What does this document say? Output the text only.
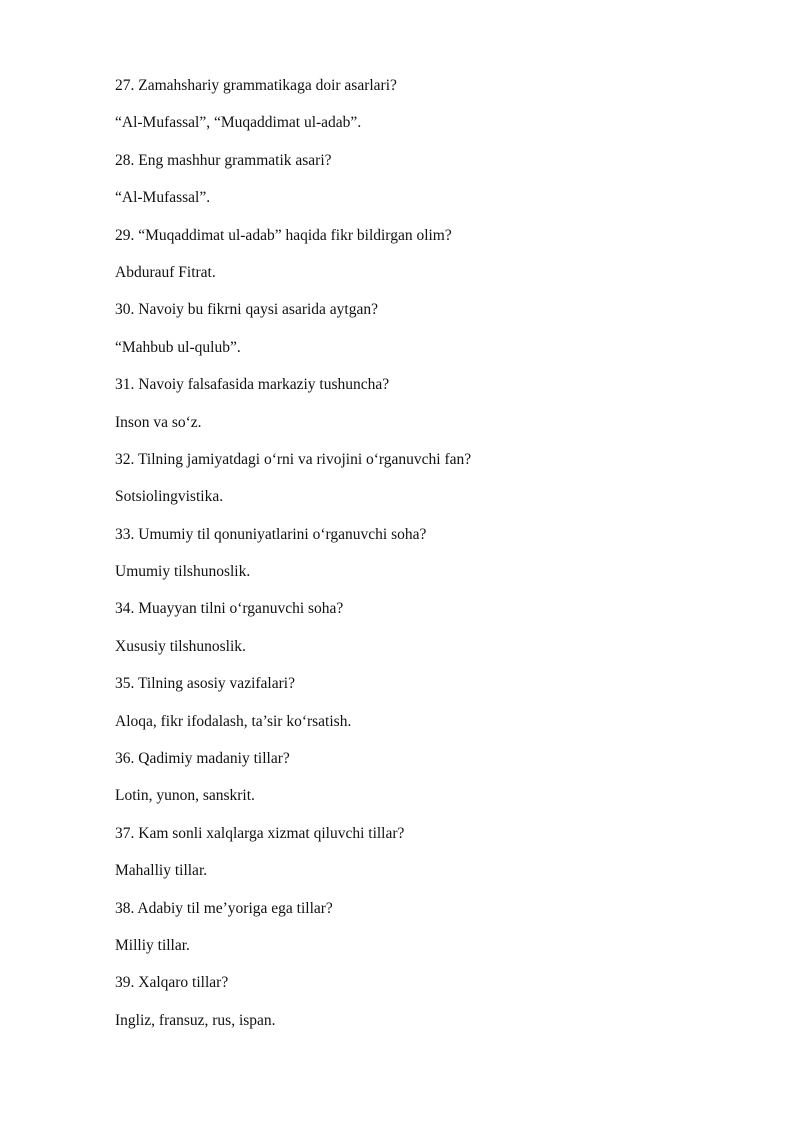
27. Zamahshariy grammatikaga doir asarlari?
“Al-Mufassal”, “Muqaddimat ul-adab”.
28. Eng mashhur grammatik asari?
“Al-Mufassal”.
29. “Muqaddimat ul-adab” haqida fikr bildirgan olim?
Abdurauf Fitrat.
30. Navoiy bu fikrni qaysi asarida aytgan?
“Mahbub ul-qulub”.
31. Navoiy falsafasida markaziy tushuncha?
Inson va so‘z.
32. Tilning jamiyatdagi o‘rni va rivojini o‘rganuvchi fan?
Sotsiolingvistika.
33. Umumiy til qonuniyatlarini o‘rganuvchi soha?
Umumiy tilshunoslik.
34. Muayyan tilni o‘rganuvchi soha?
Xususiy tilshunoslik.
35. Tilning asosiy vazifalari?
Aloqa, fikr ifodalash, ta’sir ko‘rsatish.
36. Qadimiy madaniy tillar?
Lotin, yunon, sanskrit.
37. Kam sonli xalqlarga xizmat qiluvchi tillar?
Mahalliy tillar.
38. Adabiy til me’yoriga ega tillar?
Milliy tillar.
39. Xalqaro tillar?
Ingliz, fransuz, rus, ispan.
